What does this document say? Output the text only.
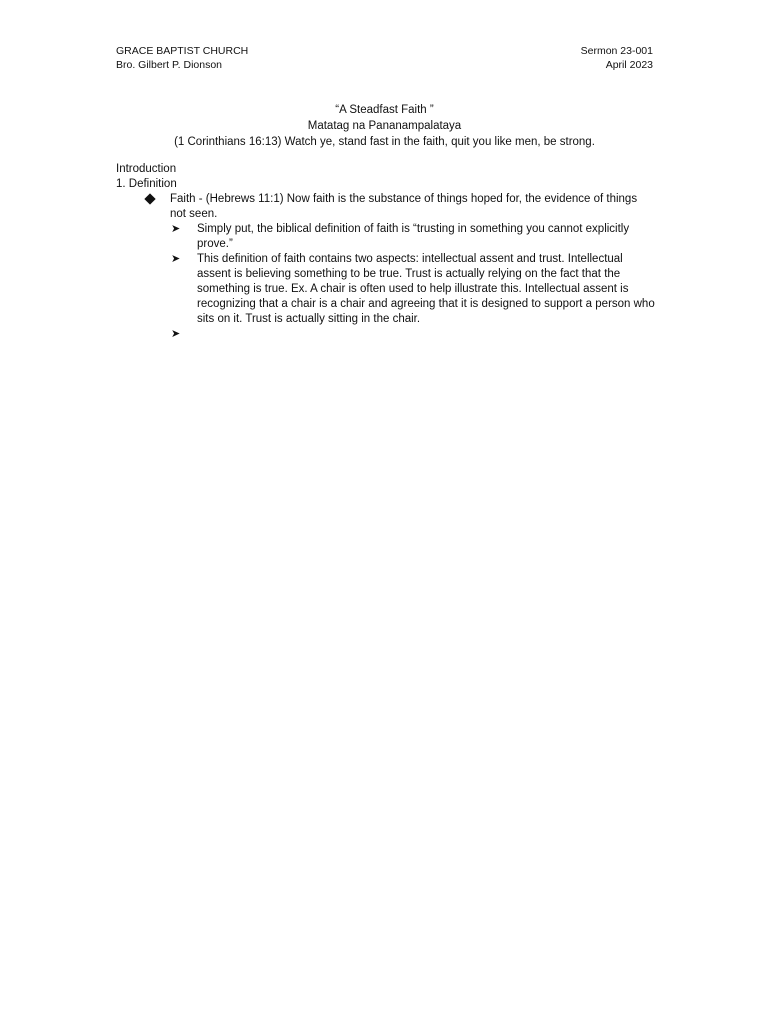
GRACE BAPTIST CHURCH
Bro. Gilbert P. Dionson
Sermon 23-001
April 2023
“A Steadfast Faith ”
Matatag na Pananampalataya
(1 Corinthians 16:13) Watch ye, stand fast in the faith, quit you like men, be strong.
Introduction
1. Definition
Faith - (Hebrews 11:1) Now faith is the substance of things hoped for, the evidence of things not seen.
➤ Simply put, the biblical definition of faith is “trusting in something you cannot explicitly prove.”
➤ This definition of faith contains two aspects: intellectual assent and trust. Intellectual assent is believing something to be true. Trust is actually relying on the fact that the something is true. Ex. A chair is often used to help illustrate this. Intellectual assent is recognizing that a chair is a chair and agreeing that it is designed to support a person who sits on it. Trust is actually sitting in the chair.
➤
